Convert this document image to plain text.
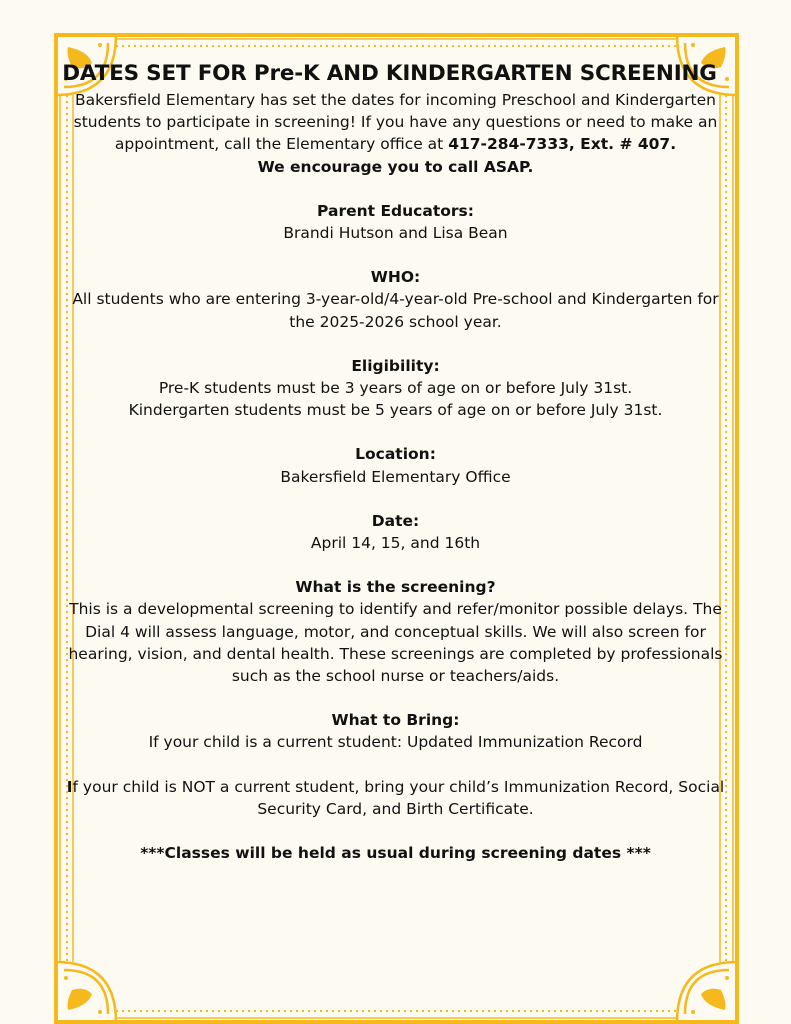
DATES SET FOR Pre-K AND KINDERGARTEN SCREENING

Bakersfield Elementary has set the dates for incoming Preschool and Kindergarten students to participate in screening! If you have any questions or need to make an appointment, call the Elementary office at 417-284-7333, Ext. # 407.

We encourage you to call ASAP.

Parent Educators:

Brandi Hutson and Lisa Bean

WHO:

All students who are entering 3-year-old/4-year-old Pre-school and Kindergarten for the 2025-2026 school year.

Eligibility:

Pre-K students must be 3 years of age on or before July 31st.

Kindergarten students must be 5 years of age on or before July 31st.

Location:

Bakersfield Elementary Office

Date:

April 14, 15, and 16th

What is the screening?

This is a developmental screening to identify and refer/monitor possible delays. The Dial 4 will assess language, motor, and conceptual skills. We will also screen for hearing, vision, and dental health. These screenings are completed by professionals such as the school nurse or teachers/aids.

What to Bring:

If your child is a current student: Updated Immunization Record

If your child is NOT a current student, bring your child’s Immunization Record, Social Security Card, and Birth Certificate.

***Classes will be held as usual during screening dates ***
